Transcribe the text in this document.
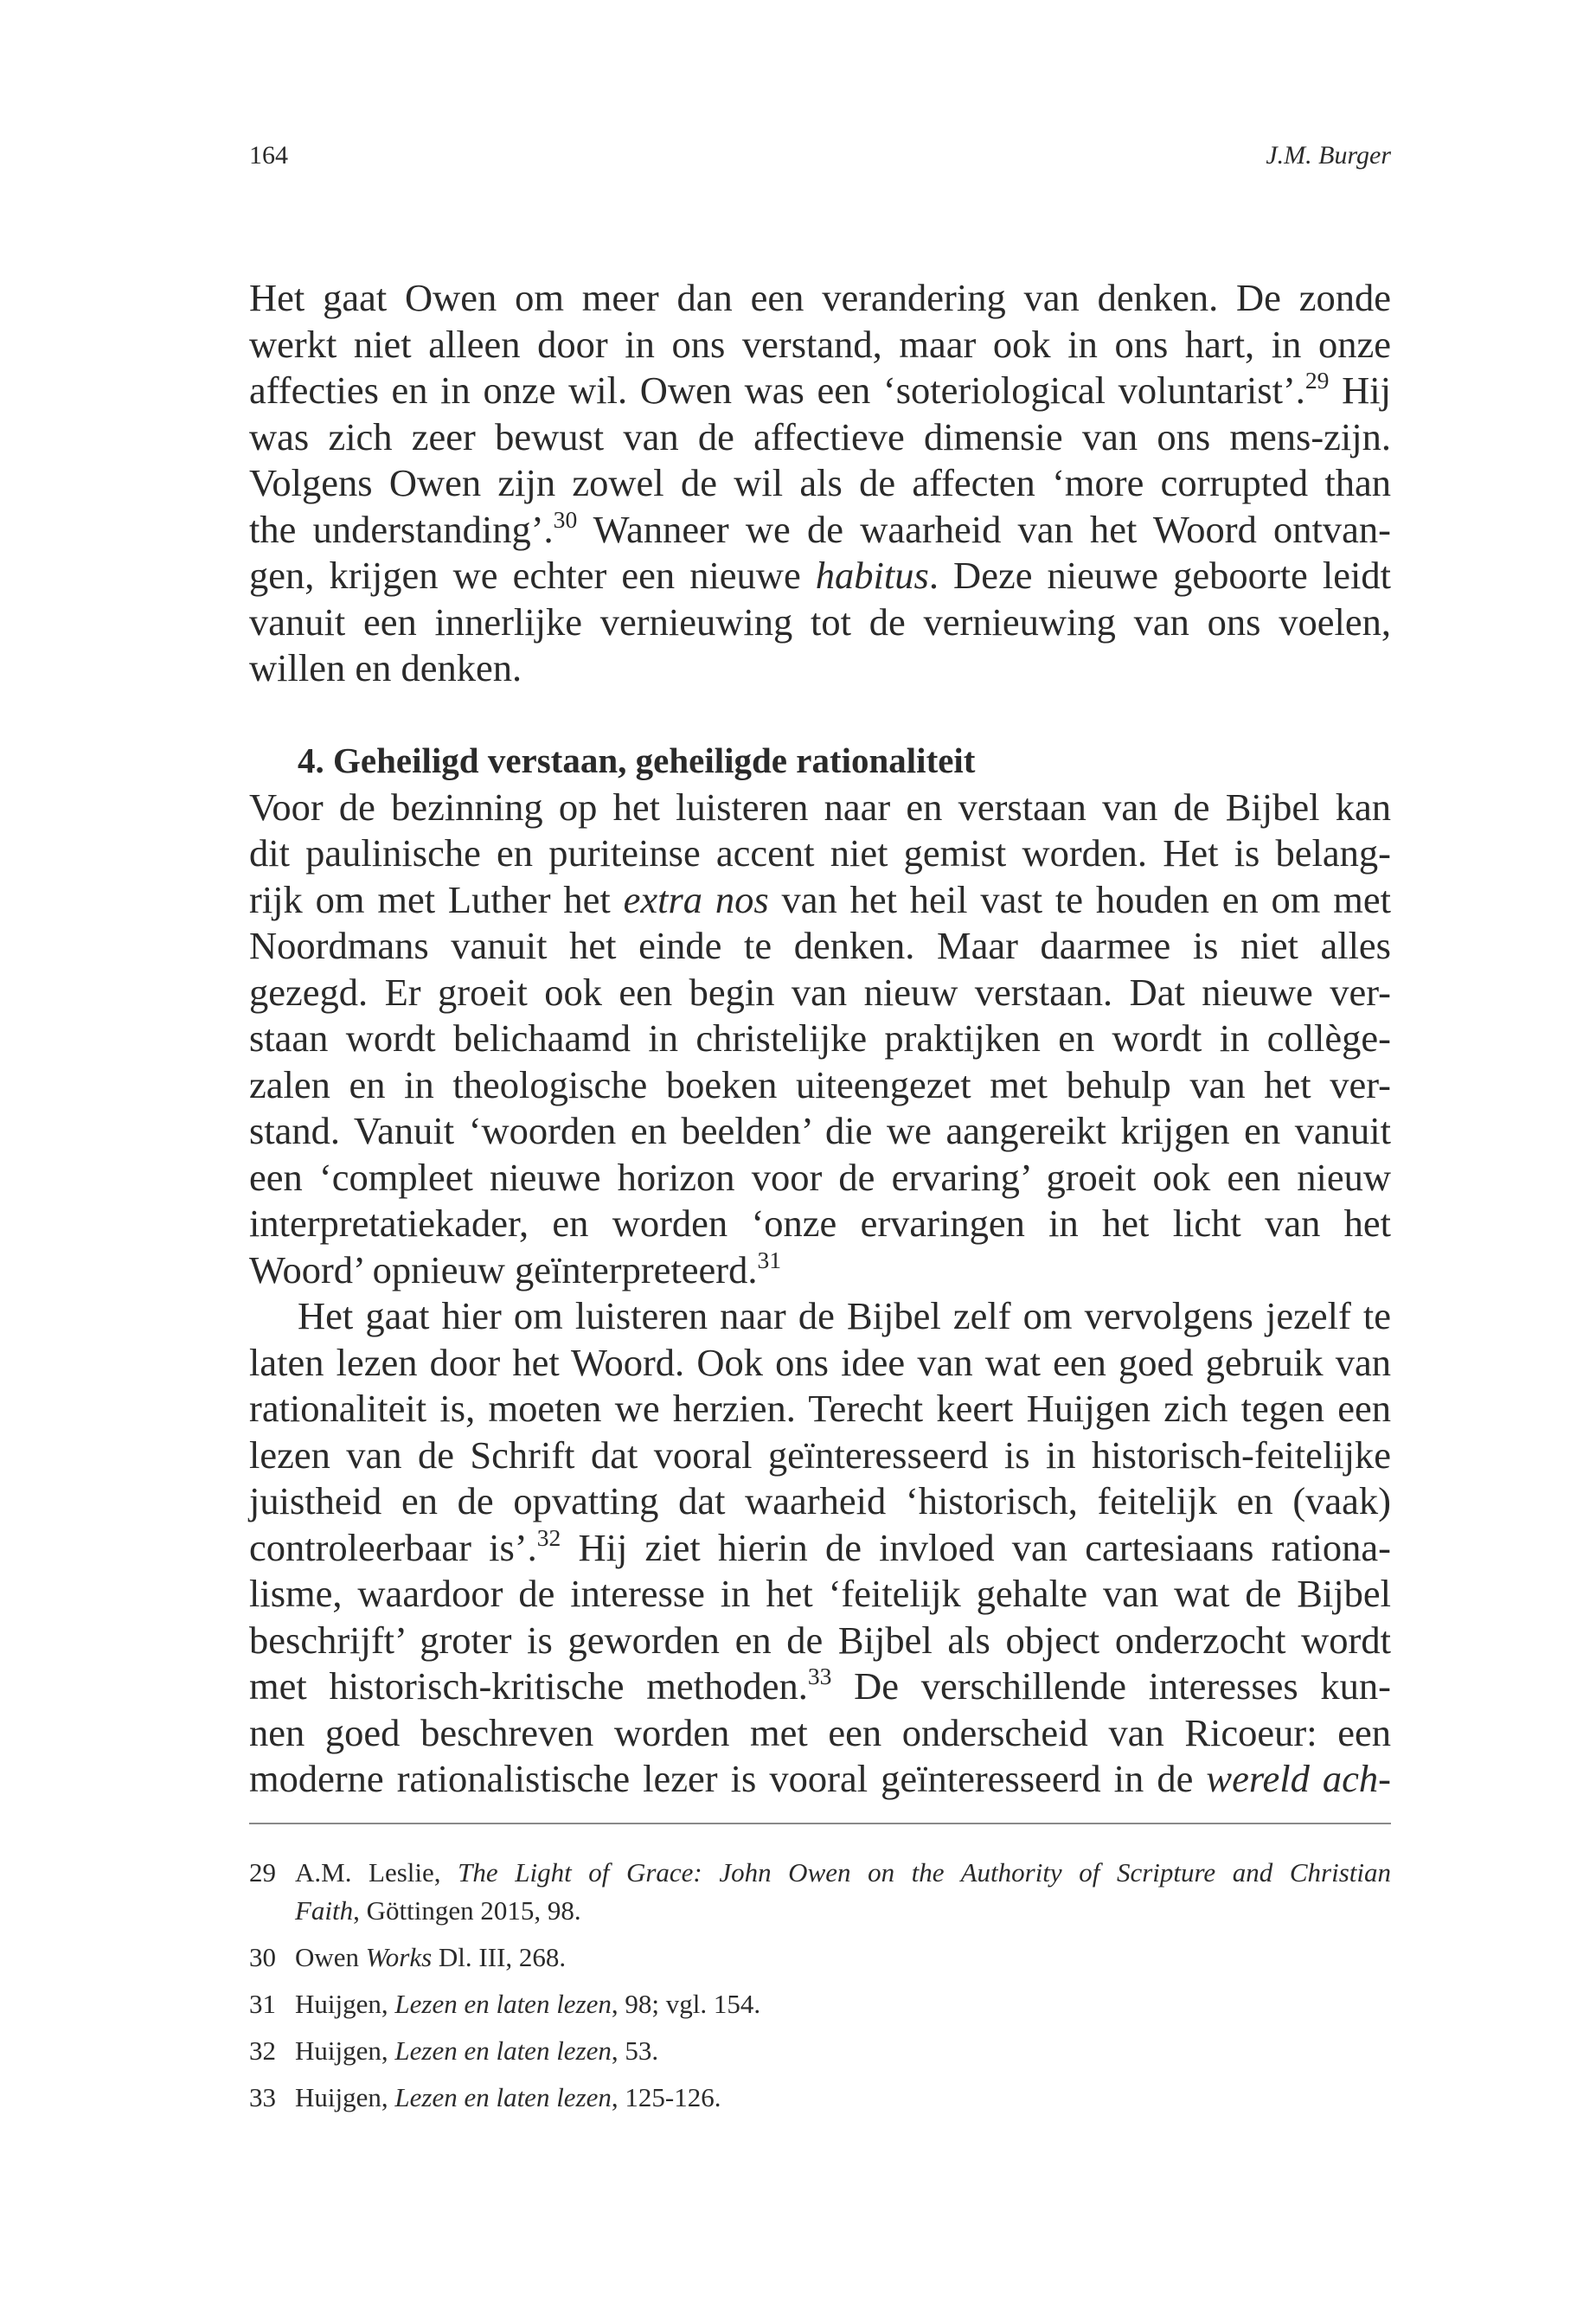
164	J.M. Burger

Het gaat Owen om meer dan een verandering van denken. De zonde
werkt niet alleen door in ons verstand, maar ook in ons hart, in onze
affecties en in onze wil. Owen was een ‘soteriological voluntarist’.$^{29}$ Hij
was zich zeer bewust van de affectieve dimensie van ons mens-zijn.
Volgens Owen zijn zowel de wil als de affecten ‘more corrupted than
the understanding’.$^{30}$ Wanneer we de waarheid van het Woord ontvan-
gen, krijgen we echter een nieuwe habitus. Deze nieuwe geboorte leidt
vanuit een innerlijke vernieuwing tot de vernieuwing van ons voelen,
willen en denken.

4. Geheiligd verstaan, geheiligde rationaliteit

Voor de bezinning op het luisteren naar en verstaan van de Bijbel kan
dit paulinische en puriteinse accent niet gemist worden. Het is belang-
rijk om met Luther het extra nos van het heil vast te houden en om met
Noordmans vanuit het einde te denken. Maar daarmee is niet alles
gezegd. Er groeit ook een begin van nieuw verstaan. Dat nieuwe ver-
staan wordt belichaamd in christelijke praktijken en wordt in collège-
zalen en in theologische boeken uiteengezet met behulp van het ver-
stand. Vanuit ‘woorden en beelden’ die we aangereikt krijgen en vanuit
een ‘compleet nieuwe horizon voor de ervaring’ groeit ook een nieuw
interpretatiekader, en worden ‘onze ervaringen in het licht van het
Woord’ opnieuw geïnterpreteerd.$^{31}$

Het gaat hier om luisteren naar de Bijbel zelf om vervolgens jezelf te
laten lezen door het Woord. Ook ons idee van wat een goed gebruik van
rationaliteit is, moeten we herzien. Terecht keert Huijgen zich tegen een
lezen van de Schrift dat vooral geïnteresseerd is in historisch-feitelijke
juistheid en de opvatting dat waarheid ‘historisch, feitelijk en (vaak)
controleerbaar is’.$^{32}$ Hij ziet hierin de invloed van cartesiaans rationa-
lisme, waardoor de interesse in het ‘feitelijk gehalte van wat de Bijbel
beschrijft’ groter is geworden en de Bijbel als object onderzocht wordt
met historisch-kritische methoden.$^{33}$ De verschillende interesses kun-
nen goed beschreven worden met een onderscheid van Ricoeur: een
moderne rationalistische lezer is vooral geïnteresseerd in de wereld ach-

29 A.M. Leslie, The Light of Grace: John Owen on the Authority of Scripture and Christian
Faith, Göttingen 2015, 98.
30 Owen Works Dl. III, 268.
31 Huijgen, Lezen en laten lezen, 98; vgl. 154.
32 Huijgen, Lezen en laten lezen, 53.
33 Huijgen, Lezen en laten lezen, 125-126.
